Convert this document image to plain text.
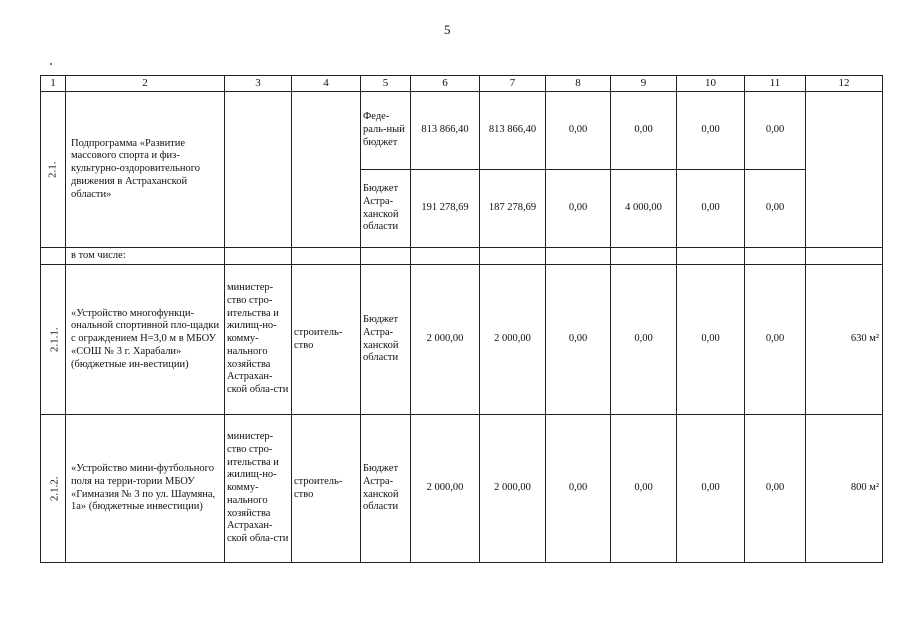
5
1	2	3	4	5	6	7	8	9	10	11	12
2.1.	Подпрограмма «Развитие массового спорта и физ-культурно-оздоровительного движения в Астраханской области»			Феде-раль-ный бюджет	813 866,40	813 866,40	0,00	0,00	0,00	0,00	
				Бюджет Астра-ханской области	191 278,69	187 278,69	0,00	4 000,00	0,00	0,00	
	в том числе:										
2.1.1.	«Устройство многофункци-ональной спортивной пло-щадки с ограждением Н=3,0 м в МБОУ «СОШ № 3 г. Харабали» (бюджетные ин-вестиции)	министер-ство стро-ительства и жилищ-но-комму-нального хозяйства Астрахан-ской обла-сти	строитель-ство	Бюджет Астра-ханской области	2 000,00	2 000,00	0,00	0,00	0,00	0,00	630 м²
2.1.2.	«Устройство мини-футбольного поля на терри-тории МБОУ «Гимназия № 3 по ул. Шаумяна, 1а» (бюджетные инвестиции)	министер-ство стро-ительства и жилищ-но-комму-нального хозяйства Астрахан-ской обла-сти	строитель-ство	Бюджет Астра-ханской области	2 000,00	2 000,00	0,00	0,00	0,00	0,00	800 м²
